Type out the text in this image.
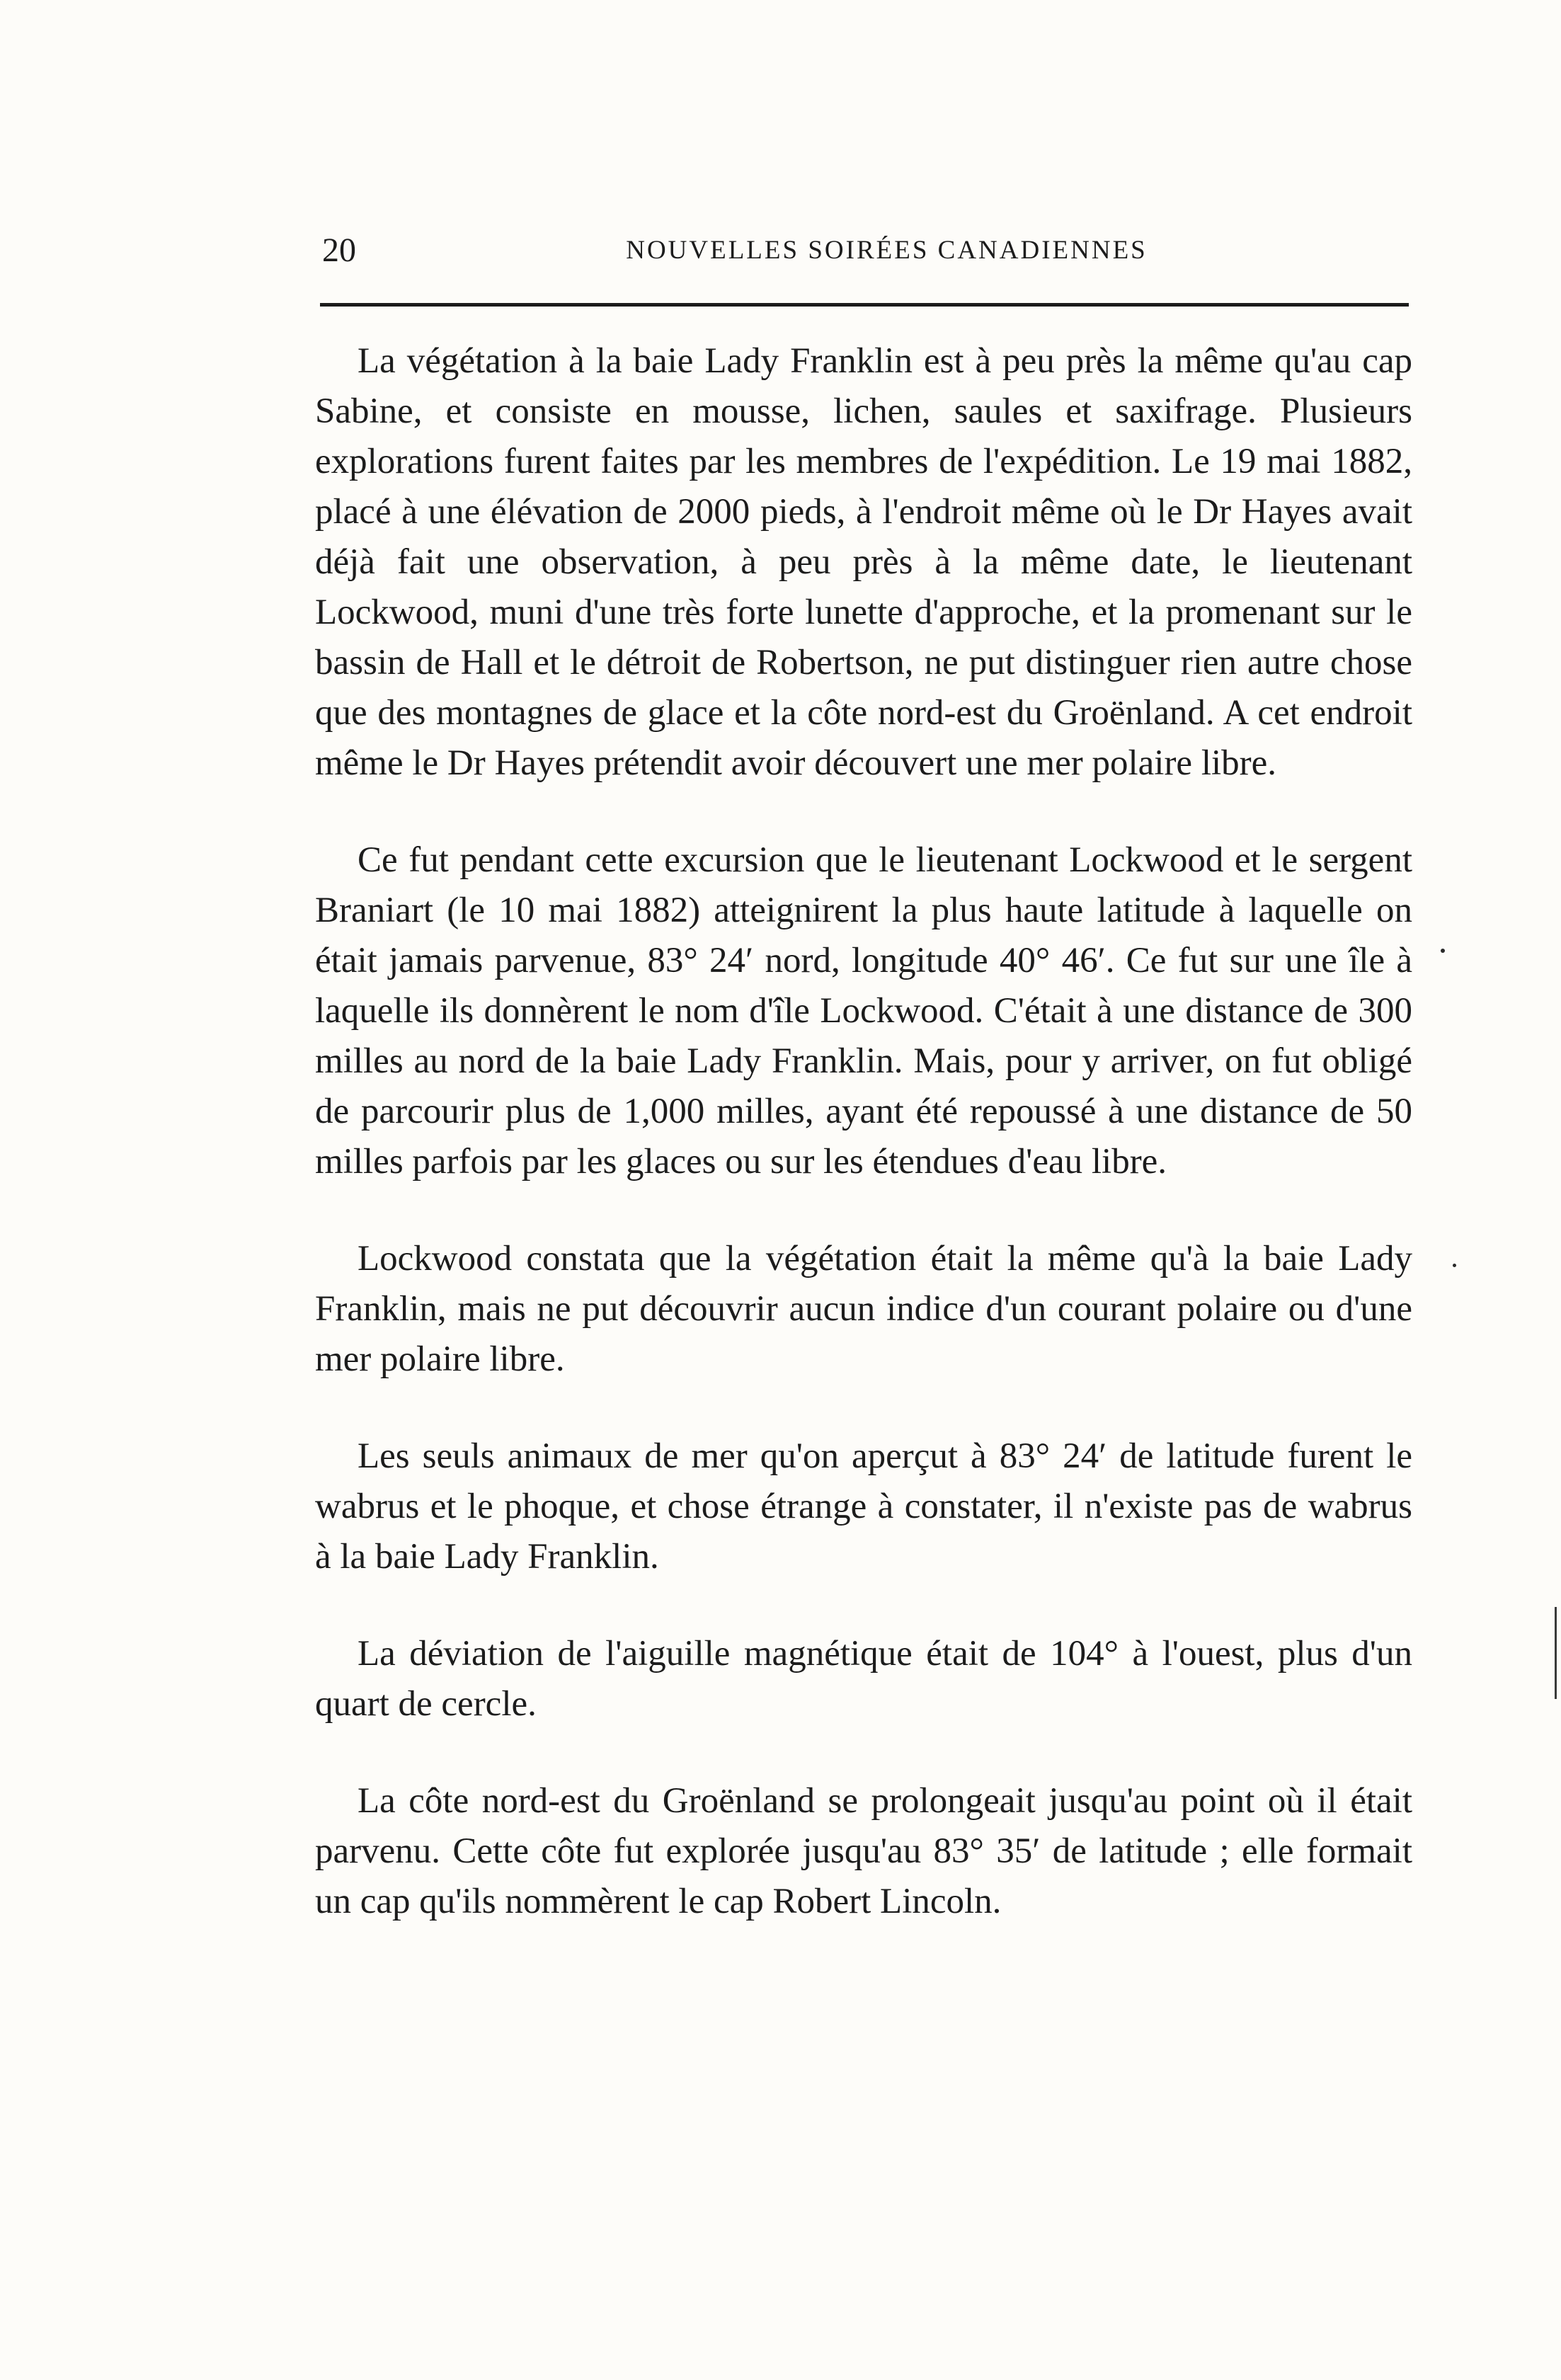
20	NOUVELLES SOIRÉES CANADIENNES

La végétation à la baie Lady Franklin est à peu près la même qu'au cap Sabine, et consiste en mousse, lichen, saules et saxifrage. Plusieurs explorations furent faites par les membres de l'expédition. Le 19 mai 1882, placé à une élévation de 2000 pieds, à l'endroit même où le Dr Hayes avait déjà fait une observation, à peu près à la même date, le lieutenant Lockwood, muni d'une très forte lunette d'approche, et la promenant sur le bassin de Hall et le détroit de Robertson, ne put distinguer rien autre chose que des montagnes de glace et la côte nord-est du Groënland. A cet endroit même le Dr Hayes prétendit avoir découvert une mer polaire libre.

Ce fut pendant cette excursion que le lieutenant Lockwood et le sergent Braniart (le 10 mai 1882) atteignirent la plus haute latitude à laquelle on était jamais parvenue, 83° 24′ nord, longitude 40° 46′. Ce fut sur une île à laquelle ils donnèrent le nom d'île Lockwood. C'était à une distance de 300 milles au nord de la baie Lady Franklin. Mais, pour y arriver, on fut obligé de parcourir plus de 1,000 milles, ayant été repoussé à une distance de 50 milles parfois par les glaces ou sur les étendues d'eau libre.

Lockwood constata que la végétation était la même qu'à la baie Lady Franklin, mais ne put découvrir aucun indice d'un courant polaire ou d'une mer polaire libre.

Les seuls animaux de mer qu'on aperçut à 83° 24′ de latitude furent le wabrus et le phoque, et chose étrange à constater, il n'existe pas de wabrus à la baie Lady Franklin.

La déviation de l'aiguille magnétique était de 104° à l'ouest, plus d'un quart de cercle.

La côte nord-est du Groënland se prolongeait jusqu'au point où il était parvenu. Cette côte fut explorée jusqu'au 83° 35′ de latitude ; elle formait un cap qu'ils nommèrent le cap Robert Lincoln.
